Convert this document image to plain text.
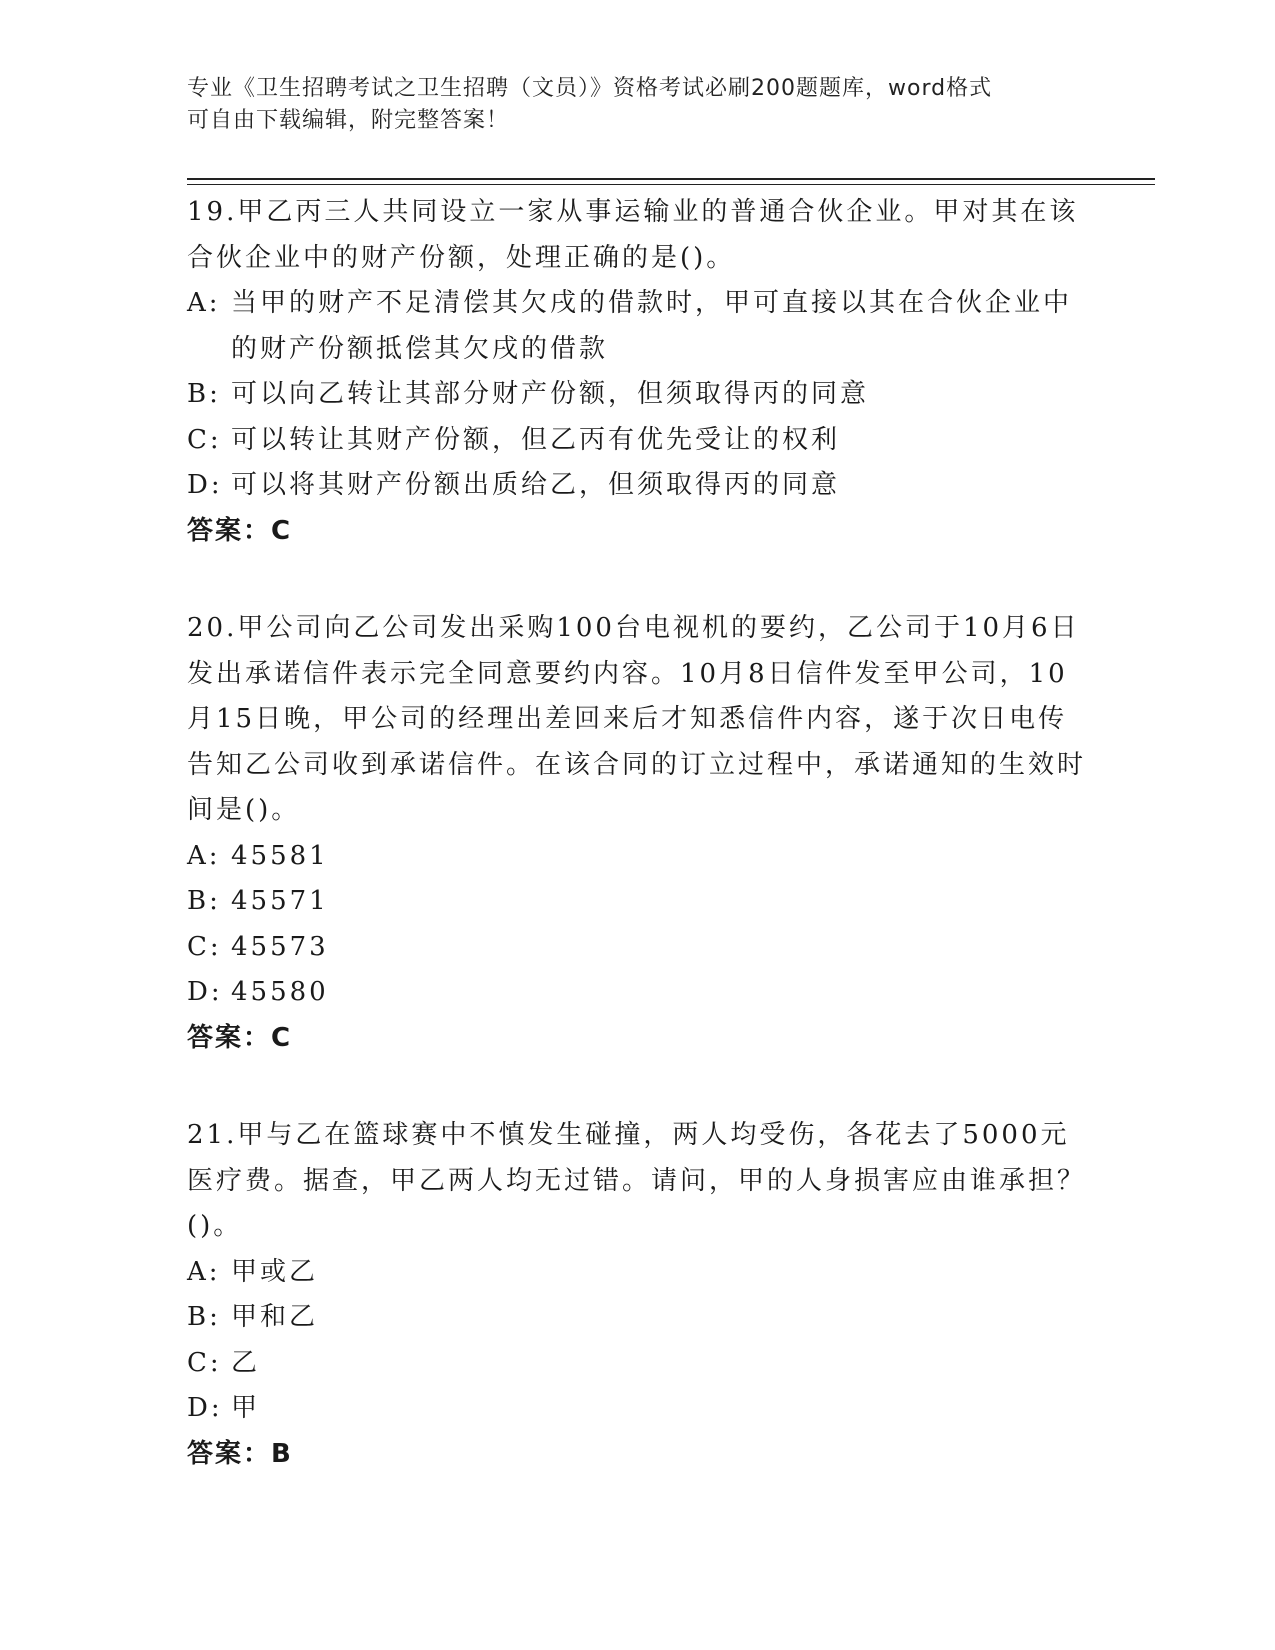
专业《卫生招聘考试之卫生招聘（文员）》资格考试必刷200题题库，word格式
可自由下载编辑，附完整答案！
19.甲乙丙三人共同设立一家从事运输业的普通合伙企业。甲对其在该合伙企业中的财产份额，处理正确的是()。
A: 当甲的财产不足清偿其欠戌的借款时，甲可直接以其在合伙企业中的财产份额抵偿其欠戌的借款
B: 可以向乙转让其部分财产份额，但须取得丙的同意
C: 可以转让其财产份额，但乙丙有优先受让的权利
D: 可以将其财产份额出质给乙，但须取得丙的同意
答案：C
20.甲公司向乙公司发出采购100台电视机的要约，乙公司于10月6日发出承诺信件表示完全同意要约内容。10月8日信件发至甲公司，10月15日晚，甲公司的经理出差回来后才知悉信件内容，遂于次日电传告知乙公司收到承诺信件。在该合同的订立过程中，承诺通知的生效时间是()。
A: 45581
B: 45571
C: 45573
D: 45580
答案：C
21.甲与乙在篮球赛中不慎发生碰撞，两人均受伤，各花去了5000元医疗费。据查，甲乙两人均无过错。请问，甲的人身损害应由谁承担？()。
A: 甲或乙
B: 甲和乙
C: 乙
D: 甲
答案：B
